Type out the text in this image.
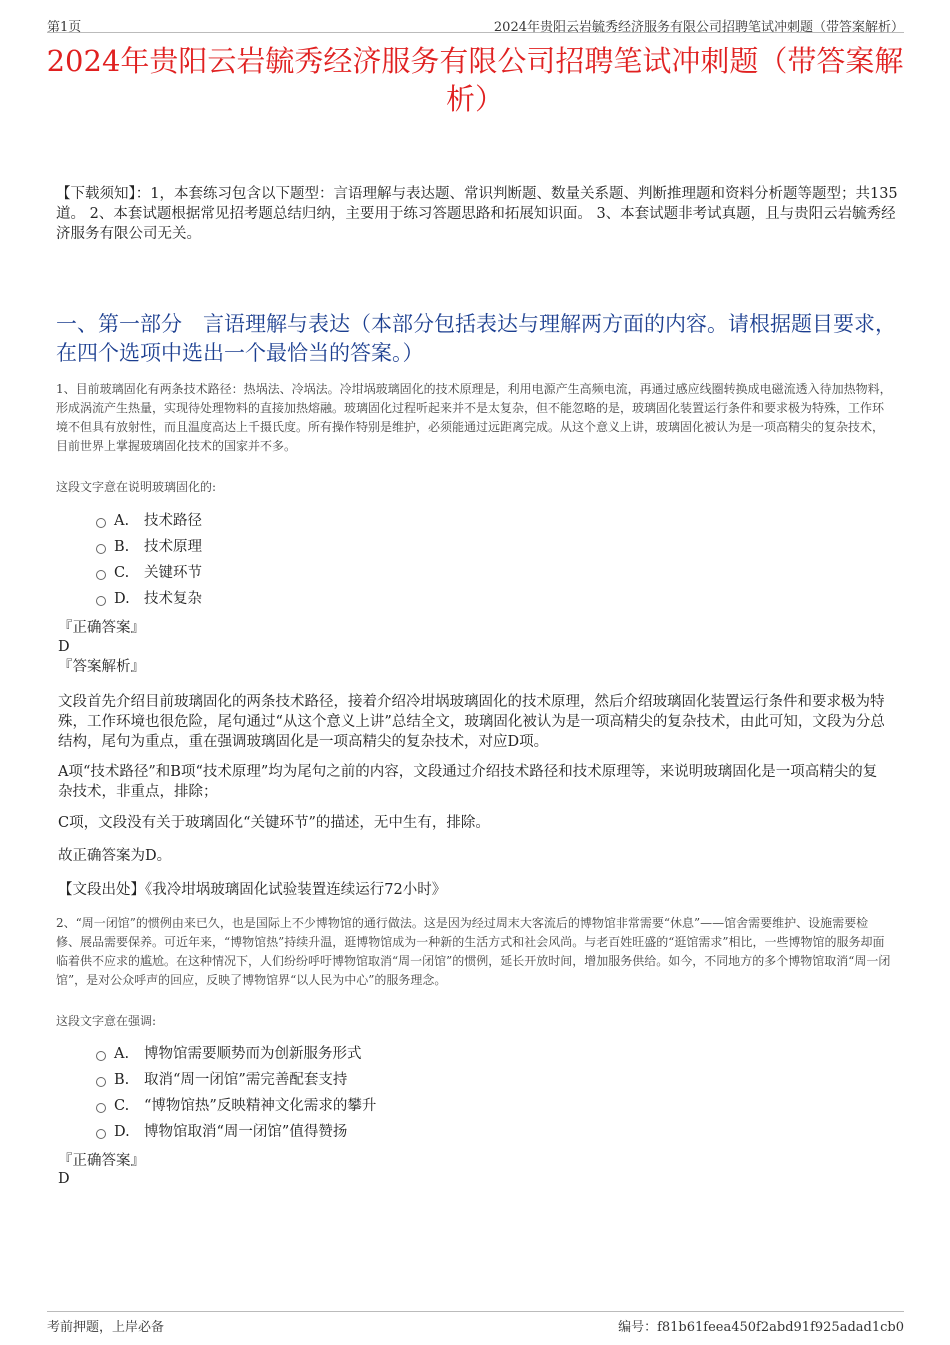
第1页	2024年贵阳云岩毓秀经济服务有限公司招聘笔试冲刺题（带答案解析）
2024年贵阳云岩毓秀经济服务有限公司招聘笔试冲刺题（带答案解析）
【下载须知】：1，本套练习包含以下题型：言语理解与表达题、常识判断题、数量关系题、判断推理题和资料分析题等题型；共135道。 2、本套试题根据常见招考题总结归纳，主要用于练习答题思路和拓展知识面。 3、本套试题非考试真题，且与贵阳云岩毓秀经济服务有限公司无关。
一、第一部分　言语理解与表达（本部分包括表达与理解两方面的内容。请根据题目要求，在四个选项中选出一个最恰当的答案。）
1、目前玻璃固化有两条技术路径：热埚法、冷埚法。冷坩埚玻璃固化的技术原理是，利用电源产生高频电流，再通过感应线圈转换成电磁流透入待加热物料，形成涡流产生热量，实现待处理物料的直接加热熔融。玻璃固化过程听起来并不是太复杂，但不能忽略的是，玻璃固化装置运行条件和要求极为特殊，工作环境不但具有放射性，而且温度高达上千摄氏度。所有操作特别是维护，必须能通过远距离完成。从这个意义上讲，玻璃固化被认为是一项高精尖的复杂技术，目前世界上掌握玻璃固化技术的国家并不多。
这段文字意在说明玻璃固化的:
A.	技术路径
B.	技术原理
C.	关键环节
D. 技术复杂
『正确答案』
D
『答案解析』
文段首先介绍目前玻璃固化的两条技术路径，接着介绍冷坩埚玻璃固化的技术原理，然后介绍玻璃固化装置运行条件和要求极为特殊，工作环境也很危险，尾句通过“从这个意义上讲”总结全文，玻璃固化被认为是一项高精尖的复杂技术，由此可知，文段为分总结构，尾句为重点，重在强调玻璃固化是一项高精尖的复杂技术，对应D项。
A项“技术路径”和B项“技术原理”均为尾句之前的内容，文段通过介绍技术路径和技术原理等，来说明玻璃固化是一项高精尖的复杂技术，非重点，排除；
C项，文段没有关于玻璃固化“关键环节”的描述，无中生有，排除。
故正确答案为D。
【文段出处】《我冷坩埚玻璃固化试验装置连续运行72小时》
2、“周一闭馆”的惯例由来已久，也是国际上不少博物馆的通行做法。这是因为经过周末大客流后的博物馆非常需要“休息”——馆舍需要维护、设施需要检修、展品需要保养。可近年来，“博物馆热”持续升温，逛博物馆成为一种新的生活方式和社会风尚。与老百姓旺盛的“逛馆需求”相比，一些博物馆的服务却面临着供不应求的尴尬。在这种情况下，人们纷纷呼吁博物馆取消“周一闭馆”的惯例，延长开放时间，增加服务供给。如今，不同地方的多个博物馆取消“周一闭馆”，是对公众呼声的回应，反映了博物馆界“以人民为中心”的服务理念。
这段文字意在强调:
A.	博物馆需要顺势而为创新服务形式
B.	取消“周一闭馆”需完善配套支持
C.	“博物馆热”反映精神文化需求的攀升
D. 博物馆取消“周一闭馆”值得赞扬
『正确答案』
D
考前押题，上岸必备	编号：f81b61feea450f2abd91f925adad1cb0
